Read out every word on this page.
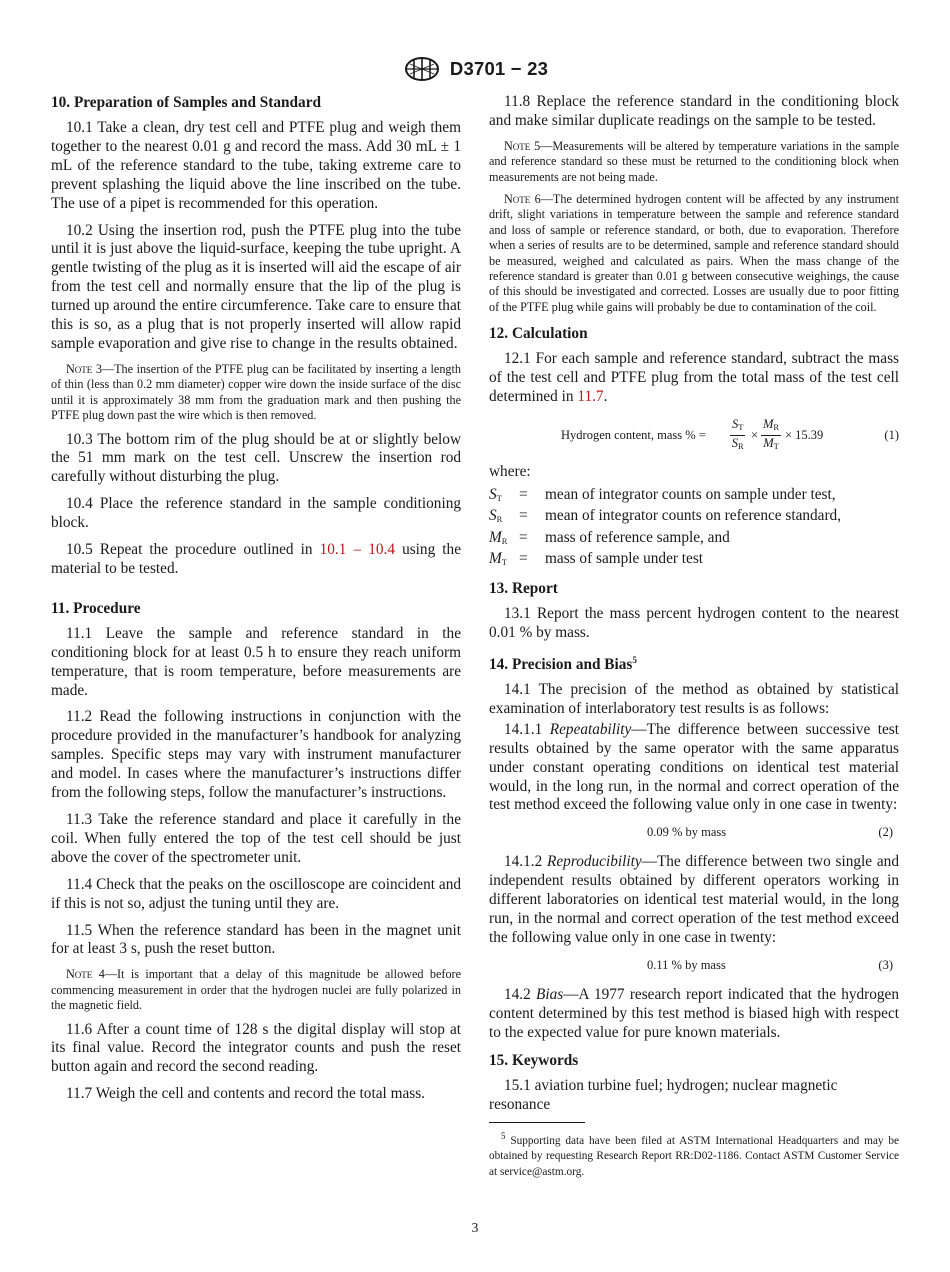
D3701 − 23
10. Preparation of Samples and Standard

10.1 Take a clean, dry test cell and PTFE plug and weigh them together to the nearest 0.01 g and record the mass. Add 30 mL ± 1 mL of the reference standard to the tube, taking extreme care to prevent splashing the liquid above the line inscribed on the tube. The use of a pipet is recommended for this operation.

10.2 Using the insertion rod, push the PTFE plug into the tube until it is just above the liquid-surface, keeping the tube upright. A gentle twisting of the plug as it is inserted will aid the escape of air from the test cell and normally ensure that the lip of the plug is turned up around the entire circumference. Take care to ensure that this is so, as a plug that is not properly inserted will allow rapid sample evaporation and give rise to change in the results obtained.

Note 3—The insertion of the PTFE plug can be facilitated by inserting a length of thin (less than 0.2 mm diameter) copper wire down the inside surface of the disc until it is approximately 38 mm from the graduation mark and then pushing the PTFE plug down past the wire which is then removed.

10.3 The bottom rim of the plug should be at or slightly below the 51 mm mark on the test cell. Unscrew the insertion rod carefully without disturbing the plug.

10.4 Place the reference standard in the sample conditioning block.

10.5 Repeat the procedure outlined in 10.1 – 10.4 using the material to be tested.

11. Procedure

11.1 Leave the sample and reference standard in the conditioning block for at least 0.5 h to ensure they reach uniform temperature, that is room temperature, before measurements are made.

11.2 Read the following instructions in conjunction with the procedure provided in the manufacturer’s handbook for analyzing samples. Specific steps may vary with instrument manufacturer and model. In cases where the manufacturer’s instructions differ from the following steps, follow the manufacturer’s instructions.

11.3 Take the reference standard and place it carefully in the coil. When fully entered the top of the test cell should be just above the cover of the spectrometer unit.

11.4 Check that the peaks on the oscilloscope are coincident and if this is not so, adjust the tuning until they are.

11.5 When the reference standard has been in the magnet unit for at least 3 s, push the reset button.

Note 4—It is important that a delay of this magnitude be allowed before commencing measurement in order that the hydrogen nuclei are fully polarized in the magnetic field.

11.6 After a count time of 128 s the digital display will stop at its final value. Record the integrator counts and push the reset button again and record the second reading.

11.7 Weigh the cell and contents and record the total mass.

11.8 Replace the reference standard in the conditioning block and make similar duplicate readings on the sample to be tested.

Note 5—Measurements will be altered by temperature variations in the sample and reference standard so these must be returned to the conditioning block when measurements are not being made.

Note 6—The determined hydrogen content will be affected by any instrument drift, slight variations in temperature between the sample and reference standard and loss of sample or reference standard, or both, due to evaporation. Therefore when a series of results are to be determined, sample and reference standard should be measured, weighed and calculated as pairs. When the mass change of the reference standard is greater than 0.01 g between consecutive weighings, the cause of this should be investigated and corrected. Losses are usually due to poor fitting of the PTFE plug while gains will probably be due to contamination of the coil.

12. Calculation

12.1 For each sample and reference standard, subtract the mass of the test cell and PTFE plug from the total mass of the test cell determined in 11.7.

Hydrogen content, mass % = $\frac{S_T}{S_R} \times \frac{M_R}{M_T} \times 15.39$	(1)

where:

$S_T$	=	mean of integrator counts on sample under test,
$S_R$	=	mean of integrator counts on reference standard,
$M_R$ =	mass of reference sample, and
$M_T$ =	mass of sample under test
13. Report

13.1 Report the mass percent hydrogen content to the nearest 0.01 % by mass.

14. Precision and Bias$^5$

14.1 The precision of the method as obtained by statistical examination of interlaboratory test results is as follows:

14.1.1 Repeatability—The difference between successive test results obtained by the same operator with the same apparatus under constant operating conditions on identical test material would, in the long run, in the normal and correct operation of the test method exceed the following value only in one case in twenty:

0.09 % by mass	(2)

14.1.2 Reproducibility—The difference between two single and independent results obtained by different operators working in different laboratories on identical test material would, in the long run, in the normal and correct operation of the test method exceed the following value only in one case in twenty:

0.11 % by mass	(3)

14.2 Bias—A 1977 research report indicated that the hydrogen content determined by this test method is biased high with respect to the expected value for pure known materials.

15. Keywords

15.1 aviation turbine fuel; hydrogen; nuclear magnetic resonance

$^5$ Supporting data have been filed at ASTM International Headquarters and may be obtained by requesting Research Report RR:D02-1186. Contact ASTM Customer Service at service@astm.org.

3
